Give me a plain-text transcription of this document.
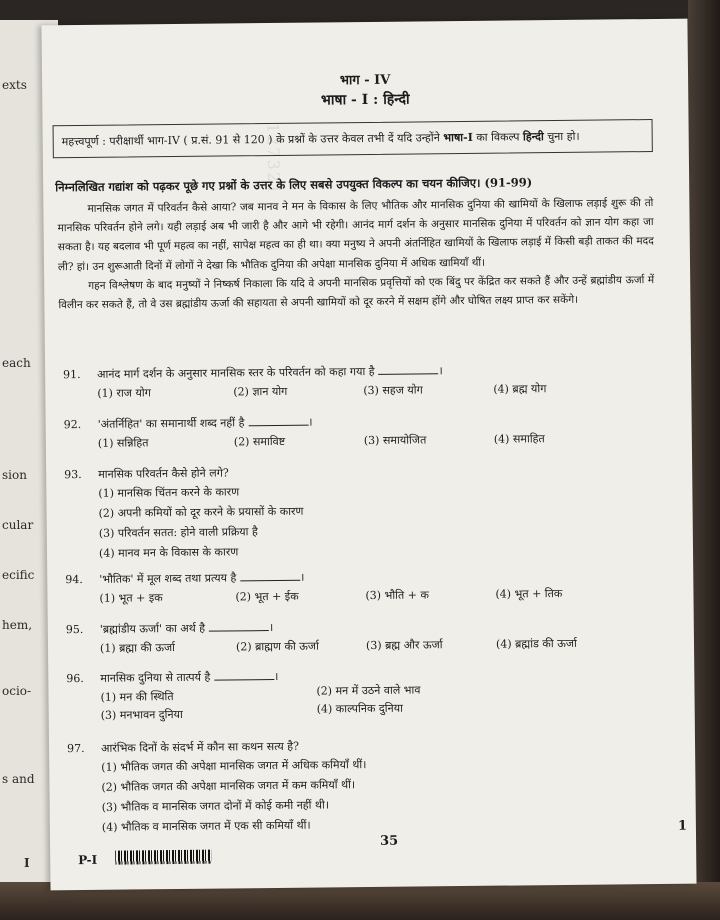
exts
each
sion
cular
ecific
hem,
ocio-
s and
I
127321
भाग - IV
भाषा - I : हिन्दी
महत्त्वपूर्ण : परीक्षार्थी भाग-IV ( प्र.सं. 91 से 120 ) के प्रश्नों के उत्तर केवल तभी दें यदि उन्होंने भाषा-I का विकल्प हिन्दी चुना हो।
निम्नलिखित गद्यांश को पढ़कर पूछे गए प्रश्नों के उत्तर के लिए सबसे उपयुक्त विकल्प का चयन कीजिए। (91-99)

मानसिक जगत में परिवर्तन कैसे आया? जब मानव ने मन के विकास के लिए भौतिक और मानसिक दुनिया की खामियों के खिलाफ लड़ाई शुरू की तो मानसिक परिवर्तन होने लगे। यही लड़ाई अब भी जारी है और आगे भी रहेगी। आनंद मार्ग दर्शन के अनुसार मानसिक दुनिया में परिवर्तन को ज्ञान योग कहा जा सकता है। यह बदलाव भी पूर्ण महत्व का नहीं, सापेक्ष महत्व का ही था। क्या मनुष्य ने अपनी अंतर्निहित खामियों के खिलाफ लड़ाई में किसी बड़ी ताकत की मदद ली? हां। उन शुरूआती दिनों में लोगों ने देखा कि भौतिक दुनिया की अपेक्षा मानसिक दुनिया में अधिक खामियाँ थीं।

गहन विश्लेषण के बाद मनुष्यों ने निष्कर्ष निकाला कि यदि वे अपनी मानसिक प्रवृत्तियों को एक बिंदु पर केंद्रित कर सकते हैं और उन्हें ब्रह्मांडीय ऊर्जा में विलीन कर सकते हैं, तो वे उस ब्रह्मांडीय ऊर्जा की सहायता से अपनी खामियों को दूर करने में सक्षम होंगे और घोषित लक्ष्य प्राप्त कर सकेंगे।

91. आनंद मार्ग दर्शन के अनुसार मानसिक स्तर के परिवर्तन को कहा गया है	।
(1) राज योग	(2) ज्ञान योग	(3) सहज योग	(4) ब्रह्म योग
92. 'अंतर्निहित' का समानार्थी शब्द नहीं है	।
(1) सन्निहित	(2) समाविष्ट	(3) समायोजित	(4) समाहित
93. मानसिक परिवर्तन कैसे होने लगे?
(1) मानसिक चिंतन करने के कारण
(2) अपनी कमियों को दूर करने के प्रयासों के कारण
(3) परिवर्तन सतत: होने वाली प्रक्रिया है
(4) मानव मन के विकास के कारण
94. 'भौतिक' में मूल शब्द तथा प्रत्यय है	।
(1) भूत + इक	(2) भूत + ईक	(3) भौति + क	(4) भूत + तिक
95. 'ब्रह्मांडीय ऊर्जा' का अर्थ है	।
(1) ब्रह्मा की ऊर्जा	(2) ब्राह्मण की ऊर्जा	(3) ब्रह्म और ऊर्जा	(4) ब्रह्मांड की ऊर्जा
96. मानसिक दुनिया से तात्पर्य है	।
(1) मन की स्थिति	(2) मन में उठने वाले भाव
(3) मनभावन दुनिया	(4) काल्पनिक दुनिया
97. आरंभिक दिनों के संदर्भ में कौन सा कथन सत्य है?
(1) भौतिक जगत की अपेक्षा मानसिक जगत में अधिक कमियाँ थीं।
(2) भौतिक जगत की अपेक्षा मानसिक जगत में कम कमियाँ थीं।
(3) भौतिक व मानसिक जगत दोनों में कोई कमी नहीं थी।
(4) भौतिक व मानसिक जगत में एक सी कमियाँ थीं।
35
1
P-I
